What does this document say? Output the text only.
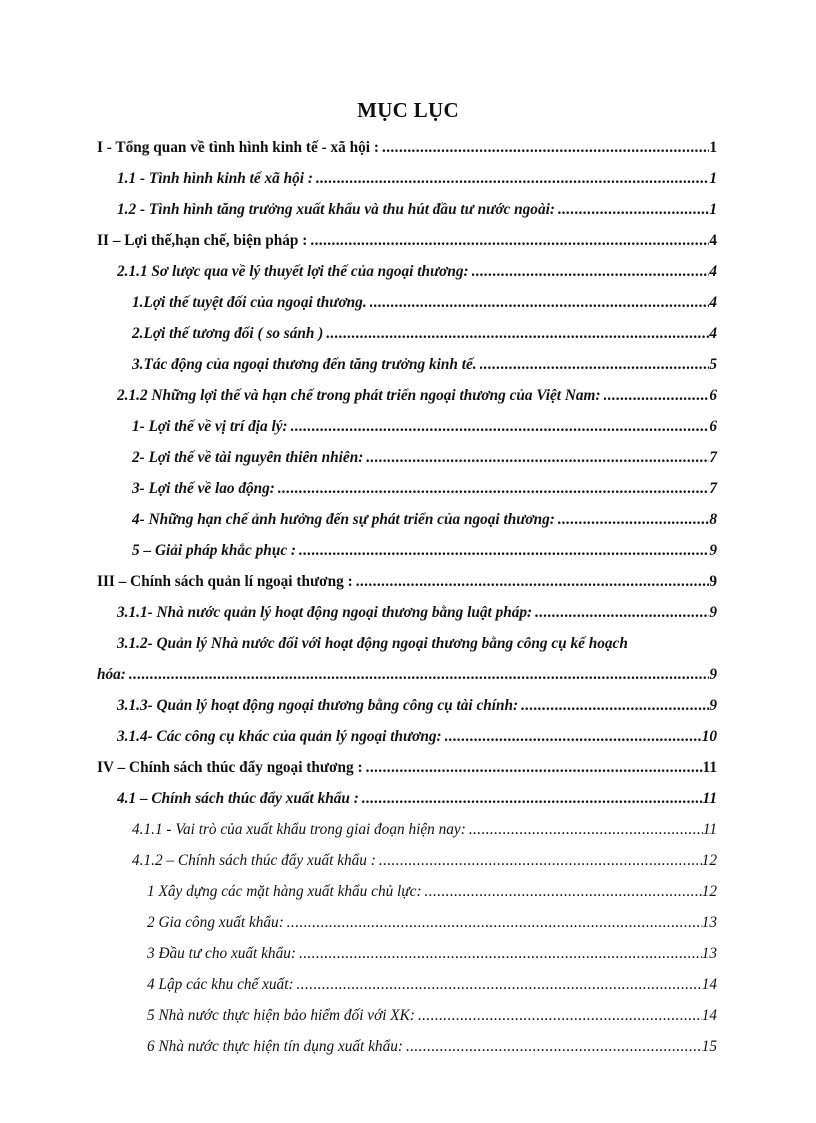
MỤC LỤC
I - Tổng quan về tình hình kinh tế - xã hội : .....	1
1.1 - Tình hình kinh tế xã hội : .....	1
1.2 - Tình hình tăng trưởng xuất khẩu và thu hút đầu tư nước ngoài: .....	1
II – Lợi thế,hạn chế, biện pháp : .....	4
2.1.1 Sơ lược qua về lý thuyết lợi thế của ngoại thương: .....	4
1.Lợi thế tuyệt đối của ngoại thương. .....	4
2.Lợi thế tương đối ( so sánh ) .....	4
3.Tác động của ngoại thương đến tăng trưởng kinh tế. .....	5
2.1.2 Những lợi thế và hạn chế trong phát triển ngoại thương của Việt Nam: .....	6
1- Lợi thế về vị trí địa lý: .....	6
2- Lợi thế về tài nguyên thiên nhiên: .....	7
3- Lợi thế về lao động: .....	7
4- Những hạn chế ảnh hưởng đến sự phát triển của ngoại thương: .....	8
5 – Giải pháp khắc phục : .....	9
III – Chính sách quản lí ngoại thương : .....	9
3.1.1- Nhà nước quản lý hoạt động ngoại thương bằng luật pháp: .....	9
3.1.2- Quản lý Nhà nước đối với hoạt động ngoại thương bằng công cụ kế hoạch
hóa: .....	9
3.1.3- Quản lý hoạt động ngoại thương bằng công cụ tài chính: .....	9
3.1.4- Các công cụ khác của quản lý ngoại thương: .....	10
IV – Chính sách thúc đẩy ngoại thương : .....	11
4.1 – Chính sách thúc đẩy xuất khẩu : .....	11
4.1.1 - Vai trò của xuất khẩu trong giai đoạn hiện nay: .....	11
4.1.2 – Chính sách thúc đẩy xuất khẩu : .....	12
1 Xây dựng các mặt hàng xuất khẩu chủ lực: .....	12
2 Gia công xuất khẩu: .....	13
3 Đầu tư cho xuất khẩu: .....	13
4 Lập các khu chế xuất: .....	14
5 Nhà nước thực hiện bảo hiểm đối với XK: .....	14
6 Nhà nước thực hiện tín dụng xuất khẩu: .....	15
